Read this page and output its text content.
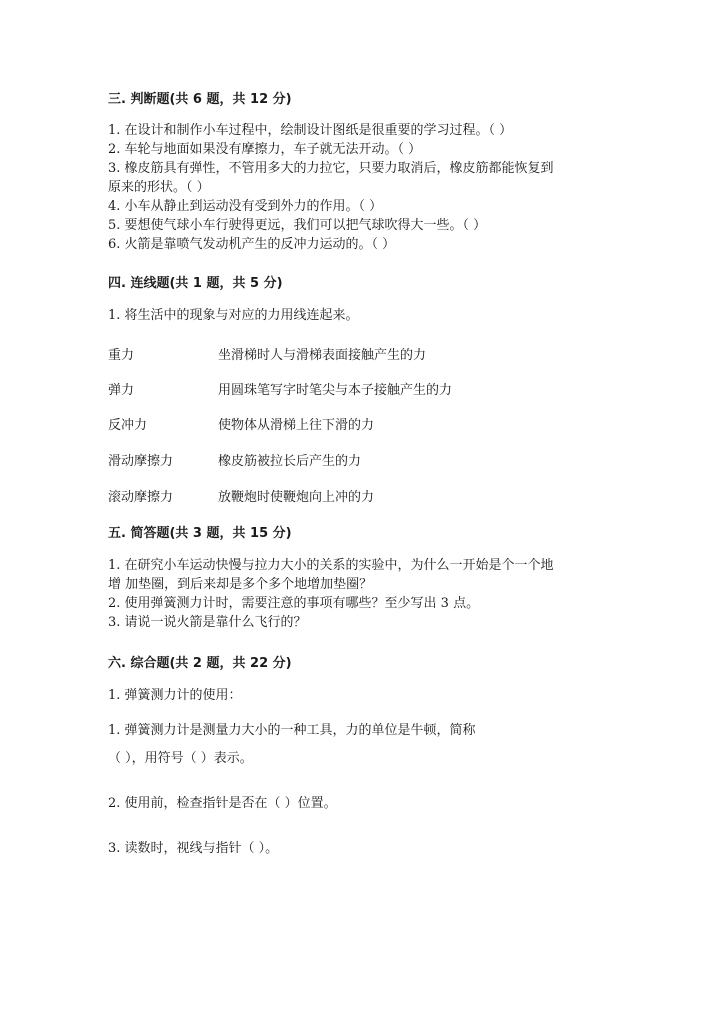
三. 判断题(共 6 题，共 12 分)
1. 在设计和制作小车过程中，绘制设计图纸是很重要的学习过程。（ ）
2. 车轮与地面如果没有摩擦力，车子就无法开动。（ ）
3. 橡皮筋具有弹性，不管用多大的力拉它，只要力取消后，橡皮筋都能恢复到
原来的形状。（ ）
4. 小车从静止到运动没有受到外力的作用。（ ）
5. 要想使气球小车行驶得更远，我们可以把气球吹得大一些。（ ）
6. 火箭是靠喷气发动机产生的反冲力运动的。（ ）
四. 连线题(共 1 题，共 5 分)
1. 将生活中的现象与对应的力用线连起来。
重力	坐滑梯时人与滑梯表面接触产生的力
弹力	用圆珠笔写字时笔尖与本子接触产生的力
反冲力	使物体从滑梯上往下滑的力
滑动摩擦力	橡皮筋被拉长后产生的力
滚动摩擦力	放鞭炮时使鞭炮向上冲的力
五. 简答题(共 3 题，共 15 分)
1. 在研究小车运动快慢与拉力大小的关系的实验中，为什么一开始是个一个地
增 加垫圈，到后来却是多个多个地增加垫圈？
2. 使用弹簧测力计时，需要注意的事项有哪些？至少写出 3 点。
3. 请说一说火箭是靠什么飞行的？
六. 综合题(共 2 题，共 22 分)
1. 弹簧测力计的使用：
1. 弹簧测力计是测量力大小的一种工具，力的单位是牛顿，简称
（ ），用符号（ ）表示。
2. 使用前，检查指针是否在（ ）位置。
3. 读数时，视线与指针（ ）。
